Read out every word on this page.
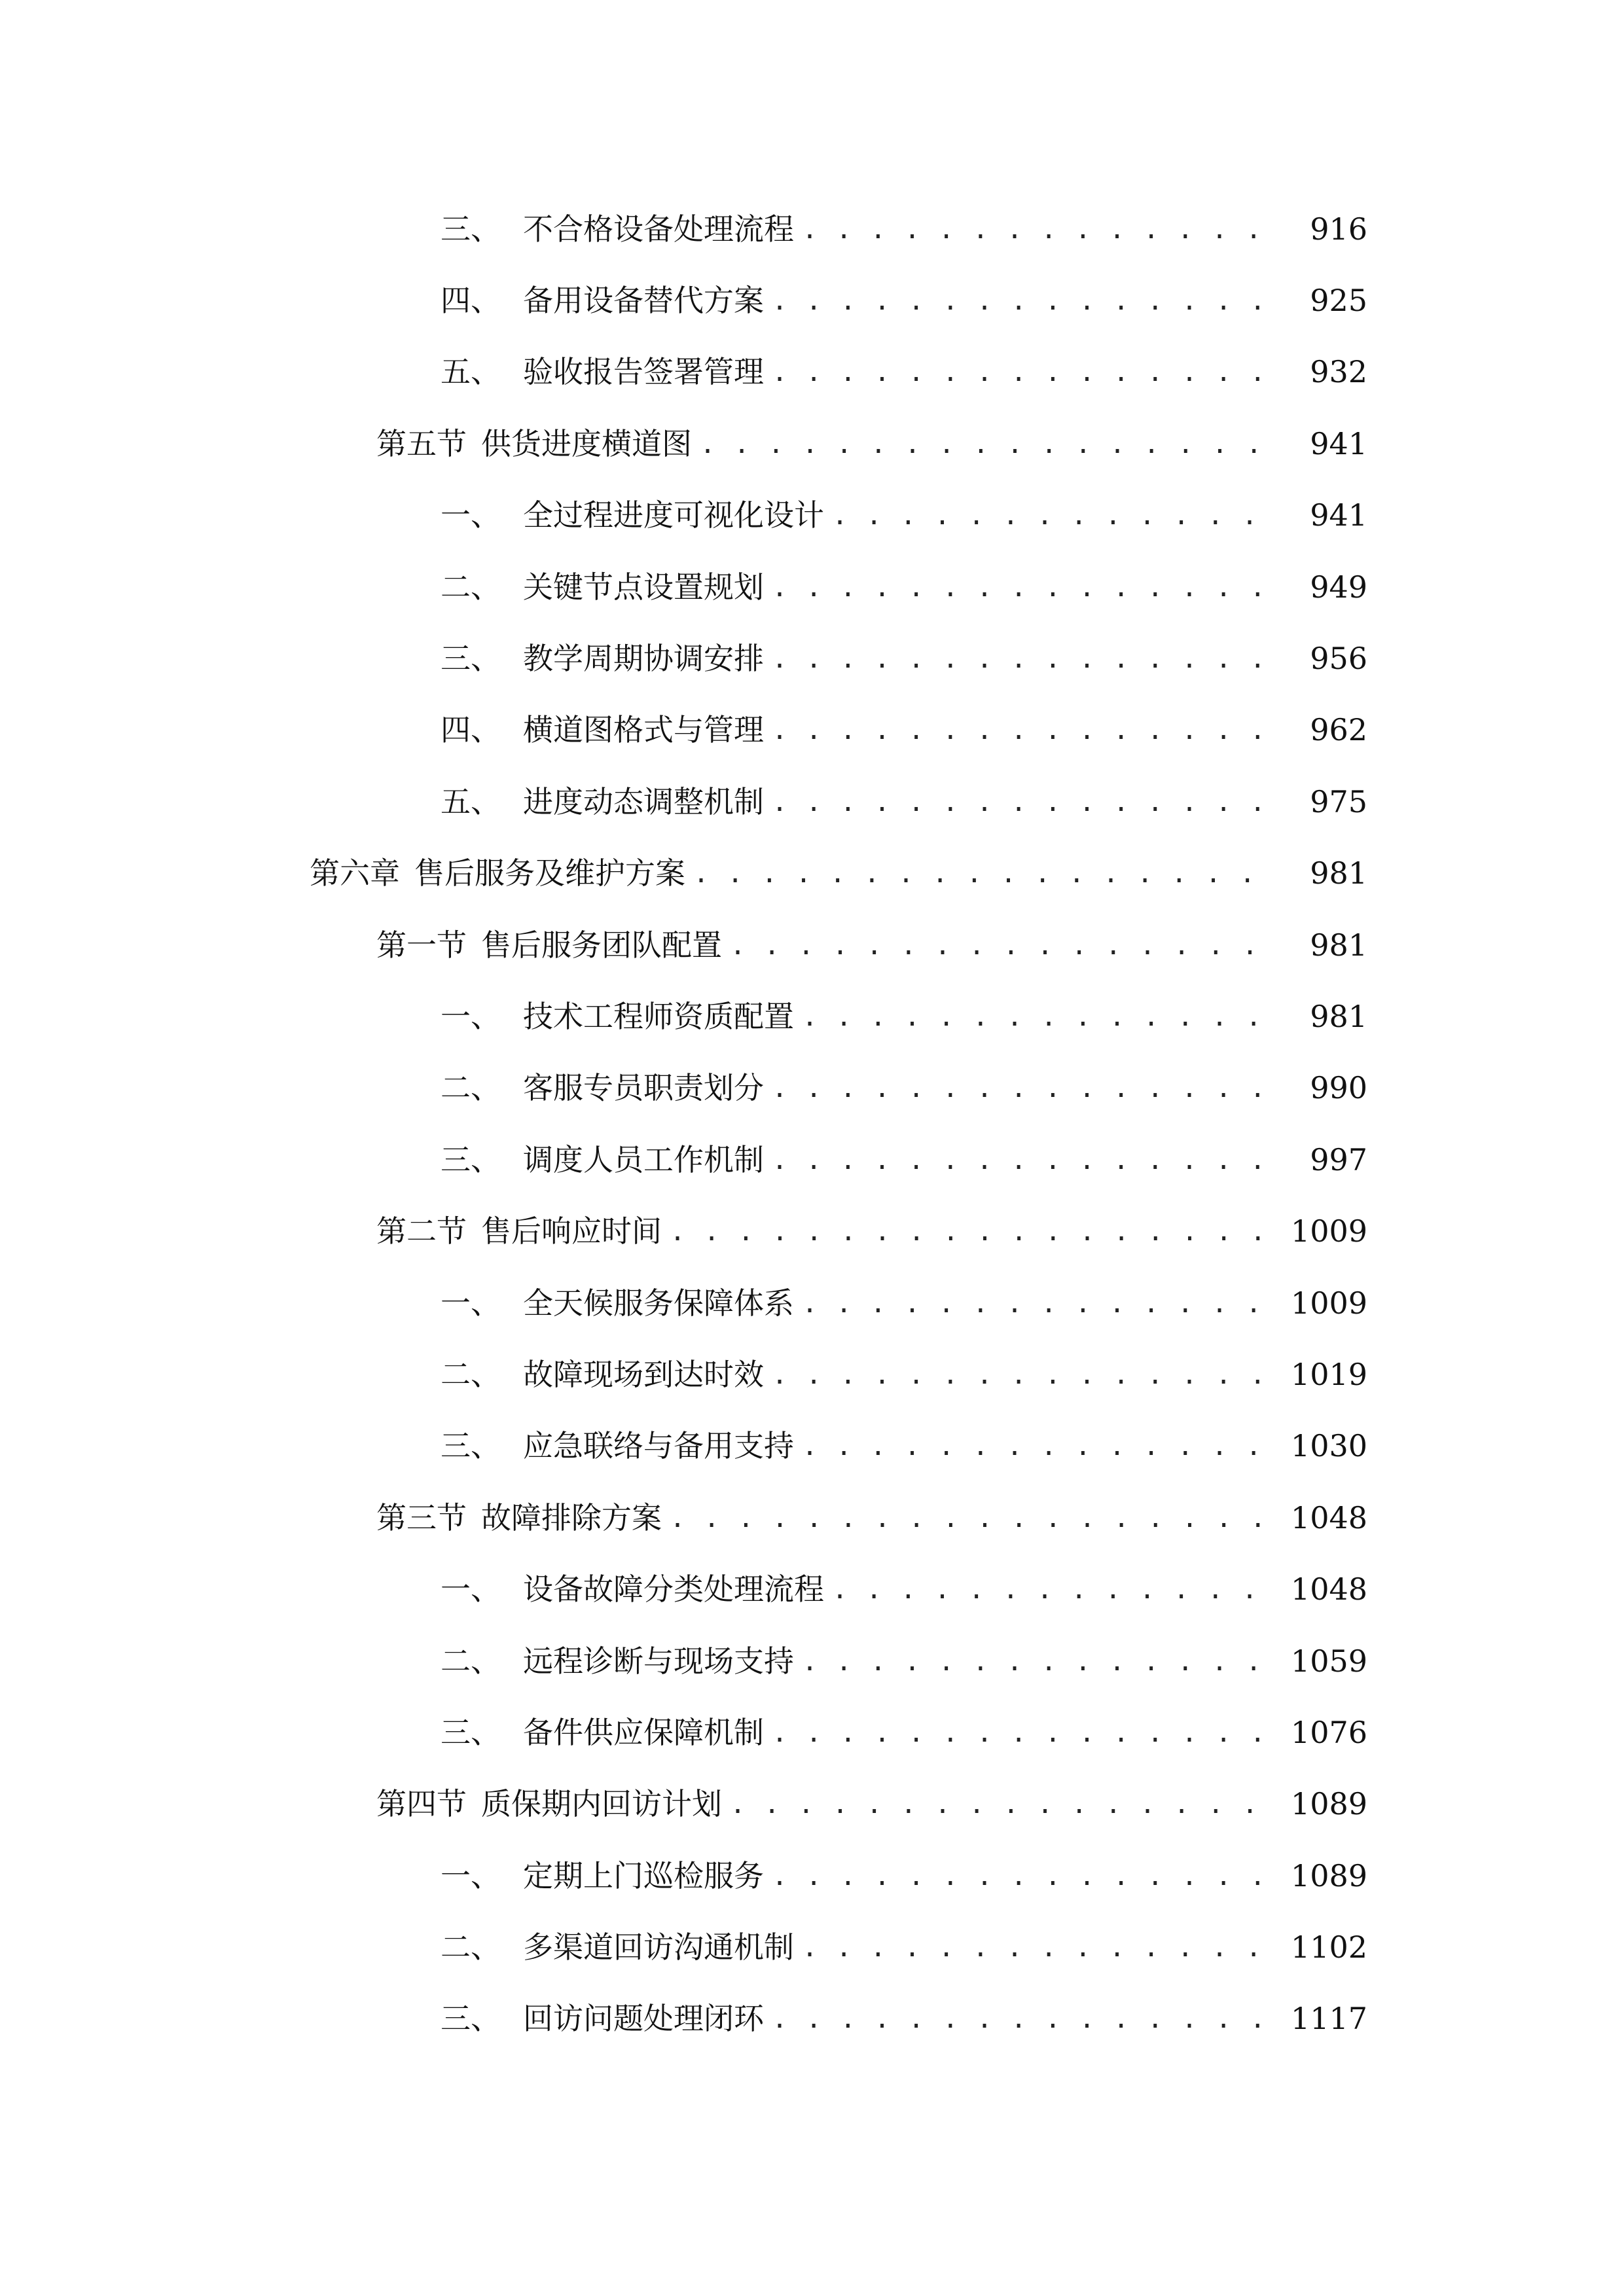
三、 不合格设备处理流程 . . .	916
四、 备用设备替代方案 . . .	925
五、 验收报告签署管理 . . .	932
第五节 供货进度横道图 . . .	941
一、 全过程进度可视化设计 . . .	941
二、 关键节点设置规划 . . .	949
三、 教学周期协调安排 . . .	956
四、 横道图格式与管理 . . .	962
五、 进度动态调整机制 . . .	975
第六章 售后服务及维护方案 . . .	981
第一节 售后服务团队配置 . . .	981
一、 技术工程师资质配置 . . .	981
二、 客服专员职责划分 . . .	990
三、 调度人员工作机制 . . .	997
第二节 售后响应时间 . . .	1009
一、 全天候服务保障体系 . . .	1009
二、 故障现场到达时效 . . .	1019
三、 应急联络与备用支持 . . .	1030
第三节 故障排除方案 . . .	1048
一、 设备故障分类处理流程 . . .	1048
二、 远程诊断与现场支持 . . .	1059
三、 备件供应保障机制 . . .	1076
第四节 质保期内回访计划 . . .	1089
一、 定期上门巡检服务 . . .	1089
二、 多渠道回访沟通机制 . . .	1102
三、 回访问题处理闭环 . . .	1117
